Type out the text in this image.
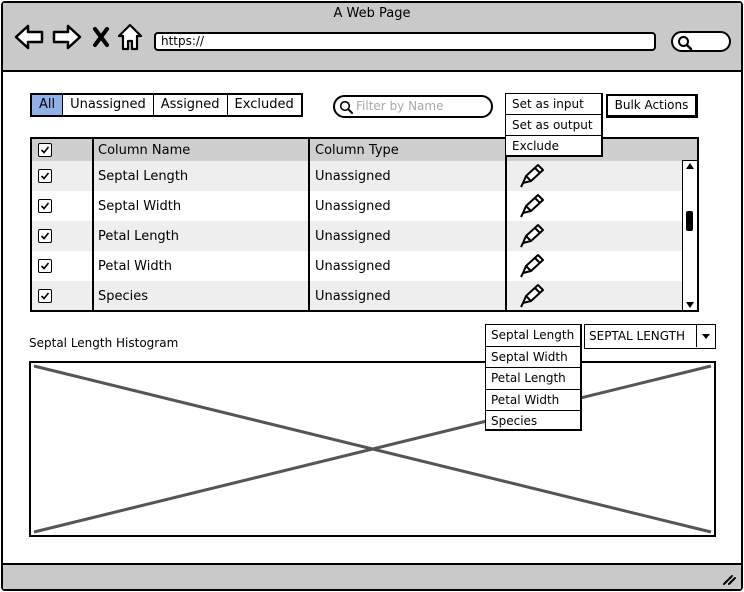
A Web Page
https://
All	Unassigned	Assigned	Excluded
Filter by Name	Bulk Actions
Column Name	Column Type
Septal Length	Unassigned
Septal Width	Unassigned
Petal Length	Unassigned
Petal Width	Unassigned
Species	Unassigned
Set as input
Set as output
Exclude
Septal Length Histogram	SEPTAL LENGTH
Septal Length
Septal Width
Petal Length
Petal Width
Species
